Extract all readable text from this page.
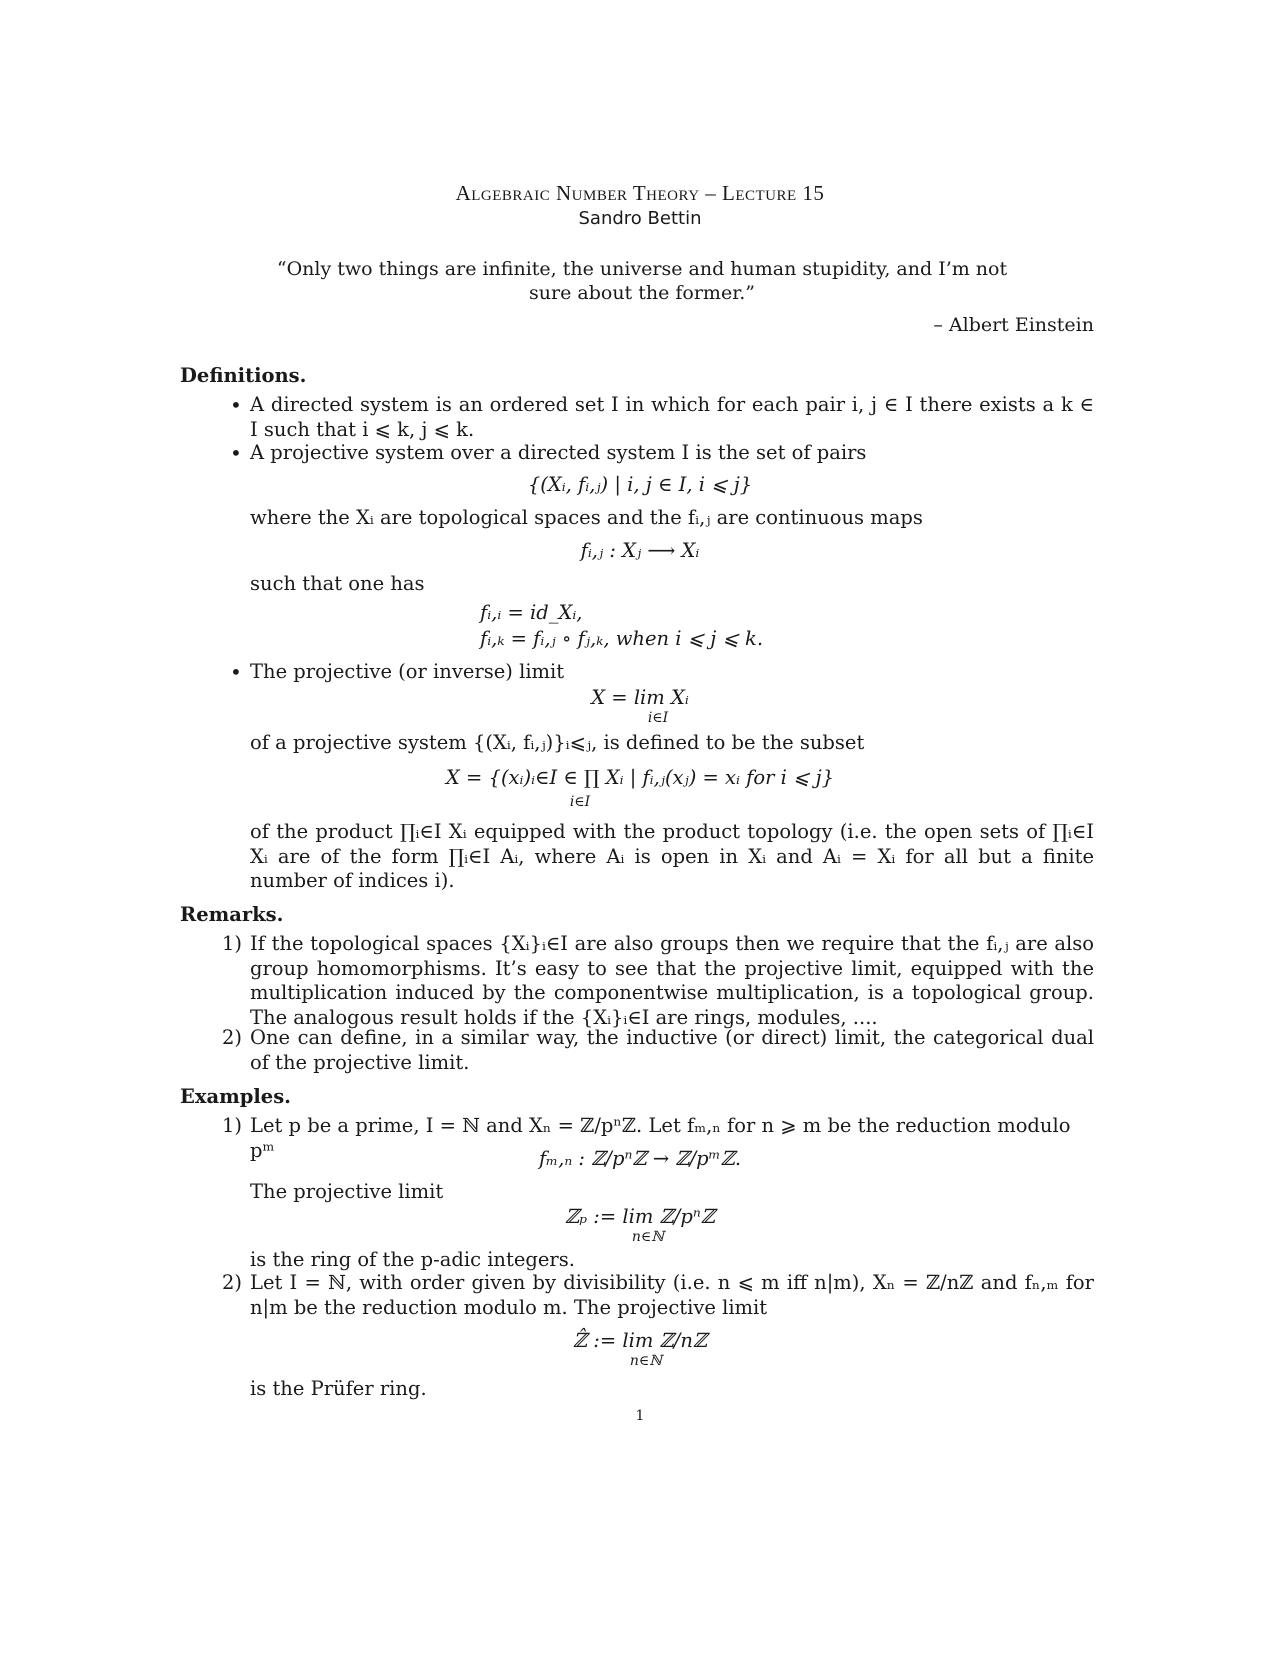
Algebraic Number Theory – Lecture 15
Sandro Bettin
“Only two things are infinite, the universe and human stupidity, and I’m not sure about the former.”
– Albert Einstein
Definitions.
• A directed system is an ordered set I in which for each pair i, j ∈ I there exists a k ∈ I such that i ⩽ k, j ⩽ k.
• A projective system over a directed system I is the set of pairs
{(Xᵢ, fᵢ,ⱼ) | i, j ∈ I, i ⩽ j}
where the Xᵢ are topological spaces and the fᵢ,ⱼ are continuous maps
fᵢ,ⱼ : Xⱼ ⟶ Xᵢ
such that one has
fᵢ,ᵢ = id_Xᵢ,
fᵢ,ₖ = fᵢ,ⱼ ∘ fⱼ,ₖ, when i ⩽ j ⩽ k.
• The projective (or inverse) limit
X = lim Xᵢ
i∈I
of a projective system {(Xᵢ, fᵢ,ⱼ)}ᵢ⩽ⱼ, is defined to be the subset
X = {(xᵢ)ᵢ∈I ∈ ∏ Xᵢ | fᵢ,ⱼ(xⱼ) = xᵢ for i ⩽ j}
i∈I
of the product ∏ᵢ∈I Xᵢ equipped with the product topology (i.e. the open sets of ∏ᵢ∈I Xᵢ are of the form ∏ᵢ∈I Aᵢ, where Aᵢ is open in Xᵢ and Aᵢ = Xᵢ for all but a finite number of indices i).
Remarks.
1) If the topological spaces {Xᵢ}ᵢ∈I are also groups then we require that the fᵢ,ⱼ are also group homomorphisms. It’s easy to see that the projective limit, equipped with the multiplication induced by the componentwise multiplication, is a topological group. The analogous result holds if the {Xᵢ}ᵢ∈I are rings, modules, ....
2) One can define, in a similar way, the inductive (or direct) limit, the categorical dual of the projective limit.
Examples.
1) Let p be a prime, I = ℕ and Xₙ = ℤ/pⁿℤ. Let fₘ,ₙ for n ⩾ m be the reduction modulo pᵐ	fₘ,ₙ : ℤ/pⁿℤ → ℤ/pᵐℤ.
The projective limit
ℤₚ := lim ℤ/pⁿℤ
n∈ℕ
is the ring of the p-adic integers.
2) Let I = ℕ, with order given by divisibility (i.e. n ⩽ m iff n|m), Xₙ = ℤ/nℤ and fₙ,ₘ for n|m be the reduction modulo m. The projective limit
ℤ̂ := lim ℤ/nℤ
n∈ℕ
is the Prüfer ring.
1
